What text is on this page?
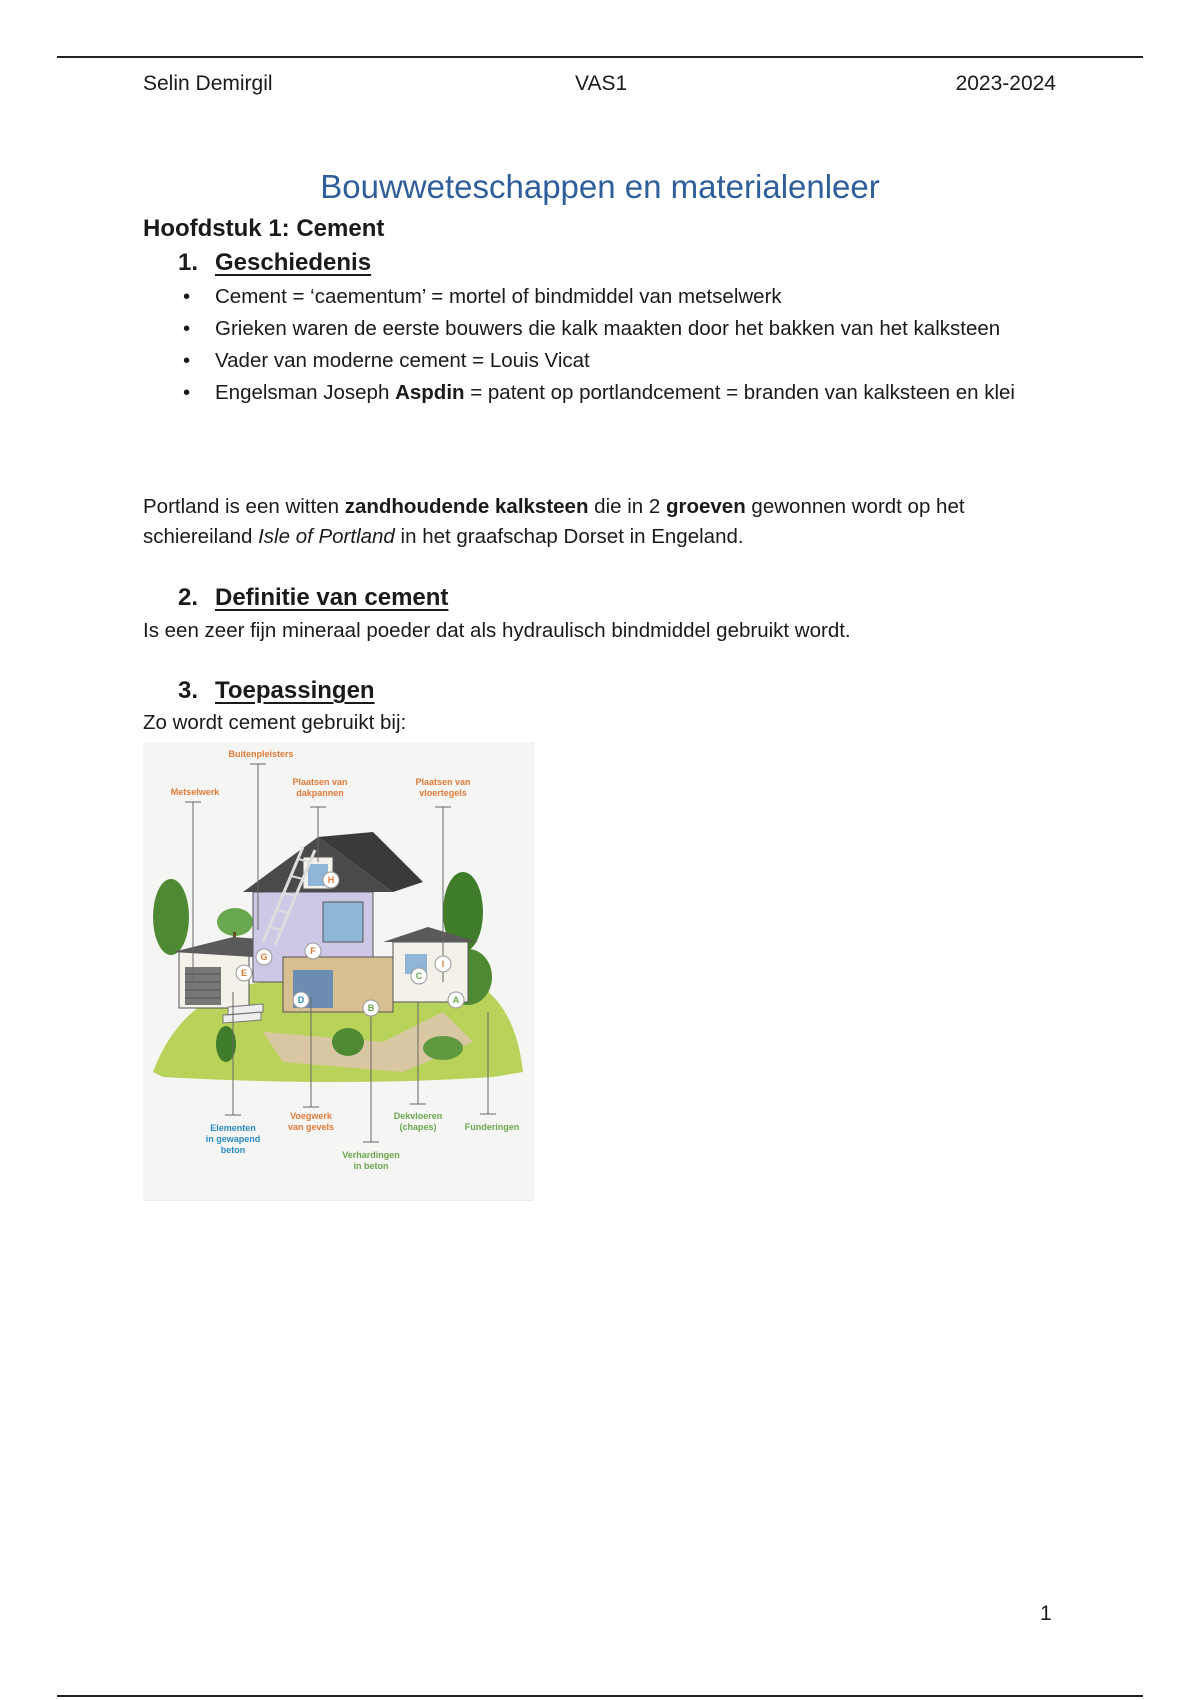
Selin Demirgil	VAS1	2023-2024
Bouwweteschappen en materialenleer
Hoofdstuk 1: Cement
1. Geschiedenis
• Cement = ‘caementum’ = mortel of bindmiddel van metselwerk
• Grieken waren de eerste bouwers die kalk maakten door het bakken van het kalksteen
• Vader van moderne cement = Louis Vicat
• Engelsman Joseph Aspdin = patent op portlandcement = branden van kalksteen en klei
Portland is een witten zandhoudende kalksteen die in 2 groeven gewonnen wordt op het schiereiland Isle of Portland in het graafschap Dorset in Engeland.
2. Definitie van cement
Is een zeer fijn mineraal poeder dat als hydraulisch bindmiddel gebruikt wordt.
3. Toepassingen
Zo wordt cement gebruikt bij:
A
B
C
D
E
F
G
H
I
Buitenpleisters
Metselwerk
Plaatsen van
dakpannen
Plaatsen van
vloertegels
Elementen
in gewapend
beton
Voegwerk
van gevels
Dekvloeren
(chapes)	Funderingen
Verhardingen
in beton
1
